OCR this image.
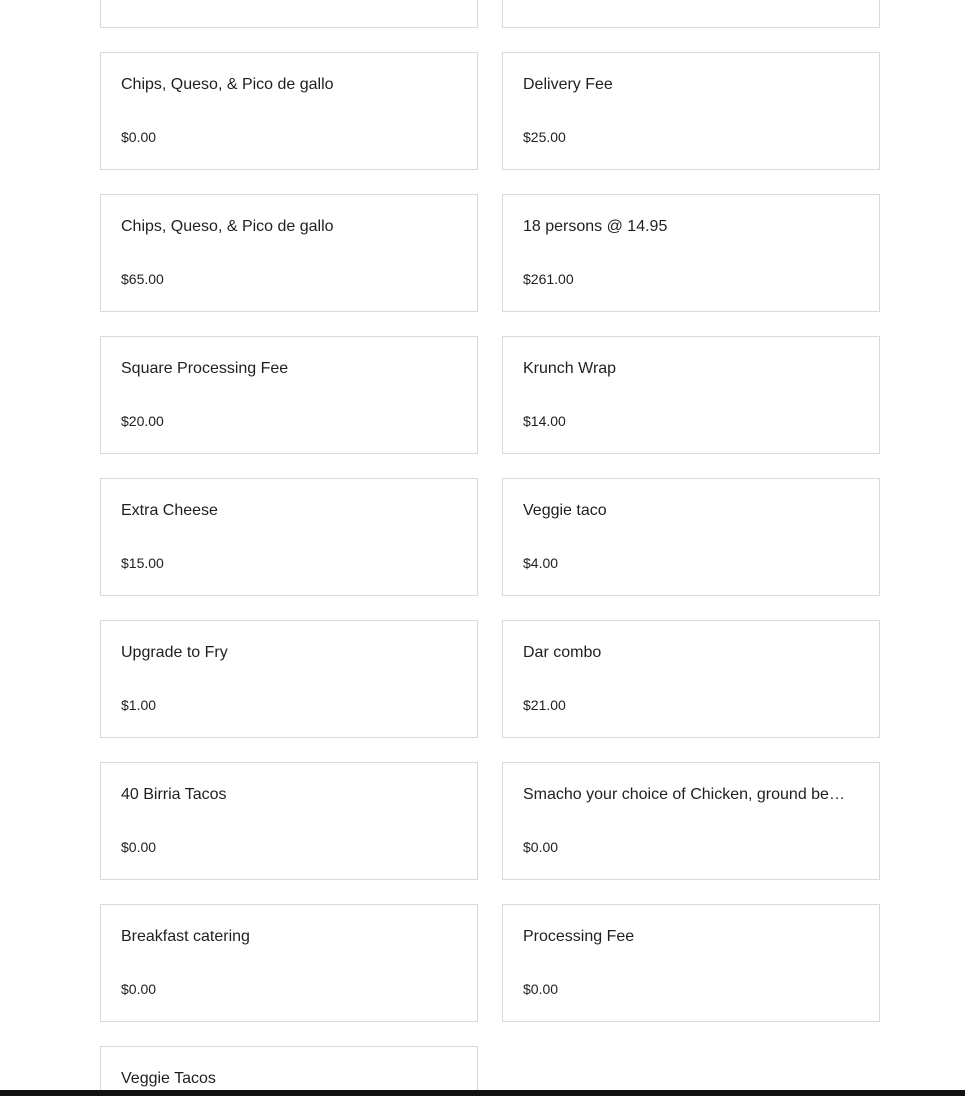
Chips, Queso, & Pico de gallo
$0.00
Delivery Fee
$25.00
Chips, Queso, & Pico de gallo
$65.00
18 persons @ 14.95
$261.00
Square Processing Fee
$20.00
Krunch Wrap
$14.00
Extra Cheese
$15.00
Veggie taco
$4.00
Upgrade to Fry
$1.00
Dar combo
$21.00
40 Birria Tacos
$0.00
Smacho your choice of Chicken, ground be…
$0.00
Breakfast catering
$0.00
Processing Fee
$0.00
Veggie Tacos
